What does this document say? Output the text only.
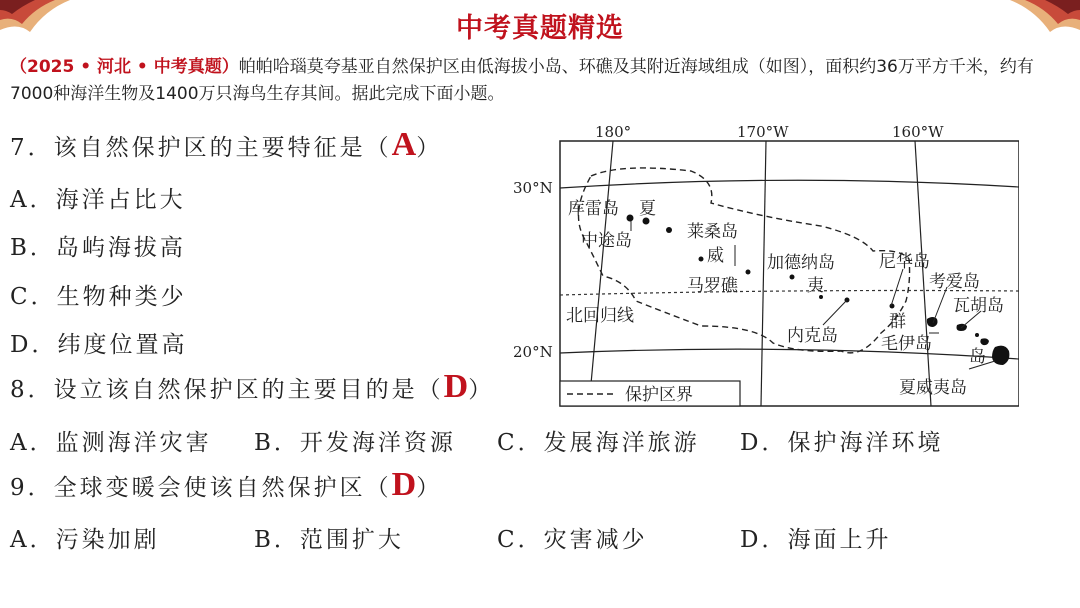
中考真题精选
（2025 • 河北 • 中考真题）帕帕哈瑙莫夸基亚自然保护区由低海拔小岛、环礁及其附近海域组成（如图），面积约36万平方千米，约有7000种海洋生物及1400万只海鸟生存其间。据此完成下面小题。
7．该自然保护区的主要特征是（A）
A．海洋占比大
B．岛屿海拔高
C．生物种类少
D．纬度位置高
8．设立该自然保护区的主要目的是（D）
A．监测海洋灾害 B．开发海洋资源 C．发展海洋旅游 D．保护海洋环境
9．全球变暖会使该自然保护区（D）
A．污染加剧	B．范围扩大	C．灾害减少	D．海面上升
180°	170°W	160°W
30°N
20°N
库雷岛 夏
中途岛	莱桑岛
威
马罗礁
加德纳岛
夷
尼华岛
考爱岛
瓦胡岛
北回归线	群
内克岛	毛伊岛
岛
夏威夷岛
保护区界
